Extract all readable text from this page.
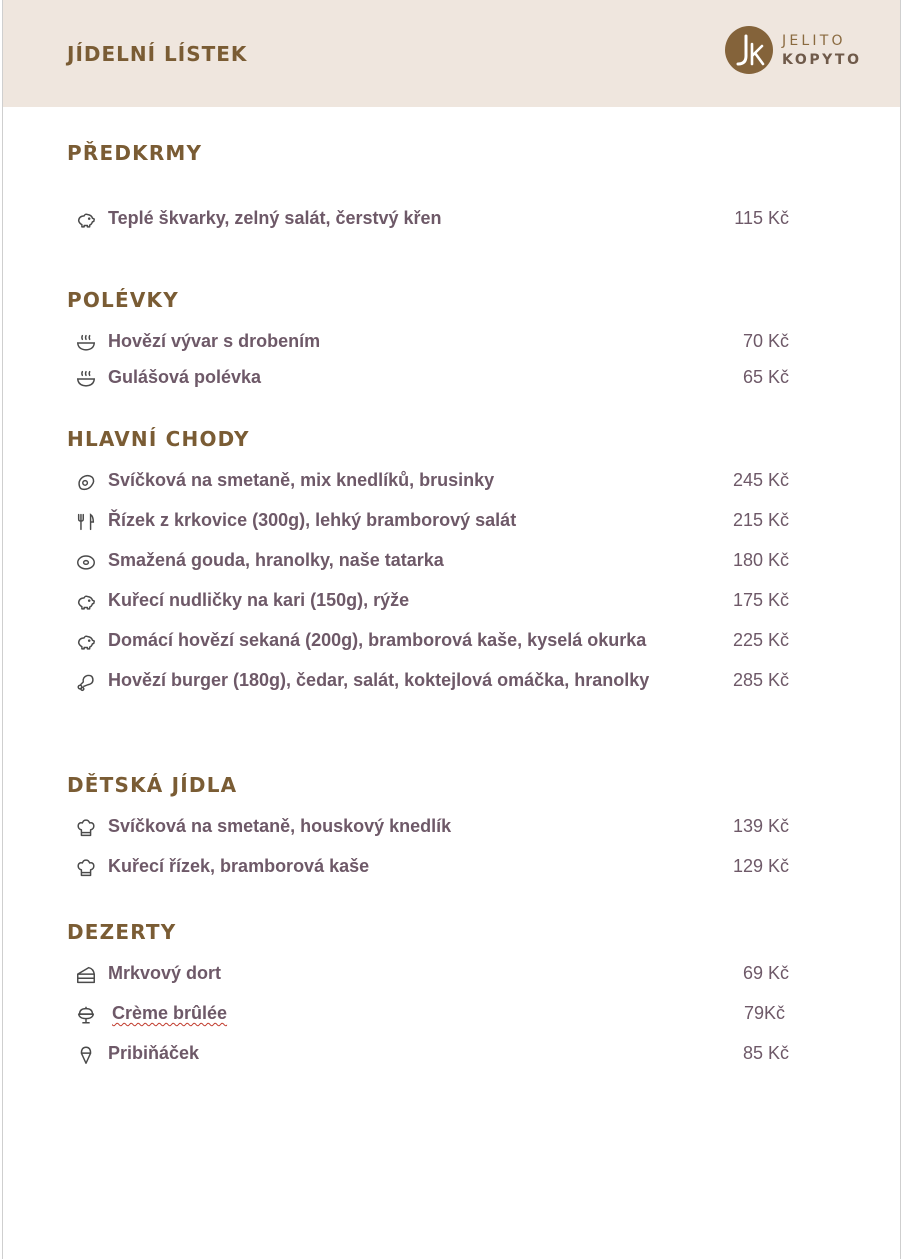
JÍDELNÍ LÍSTEK
JELITO
KOPYTO
PŘEDKRMY
Teplé škvarky, zelný salát, čerstvý křen	115 Kč
POLÉVKY
Hovězí vývar s drobením	70 Kč
Gulášová polévka	65 Kč
HLAVNÍ CHODY
Svíčková na smetaně, mix knedlíků, brusinky	245 Kč
Řízek z krkovice (300g), lehký bramborový salát	215 Kč
Smažená gouda, hranolky, naše tatarka	180 Kč
Kuřecí nudličky na kari (150g), rýže	175 Kč
Domácí hovězí sekaná (200g), bramborová kaše, kyselá okurka	225 Kč
Hovězí burger (180g), čedar, salát, koktejlová omáčka, hranolky	285 Kč
DĚTSKÁ JÍDLA
Svíčková na smetaně, houskový knedlík	139 Kč
Kuřecí řízek, bramborová kaše	129 Kč
DEZERTY
Mrkvový dort	69 Kč
Crème brûlée	79Kč
Pribiňáček	85 Kč
